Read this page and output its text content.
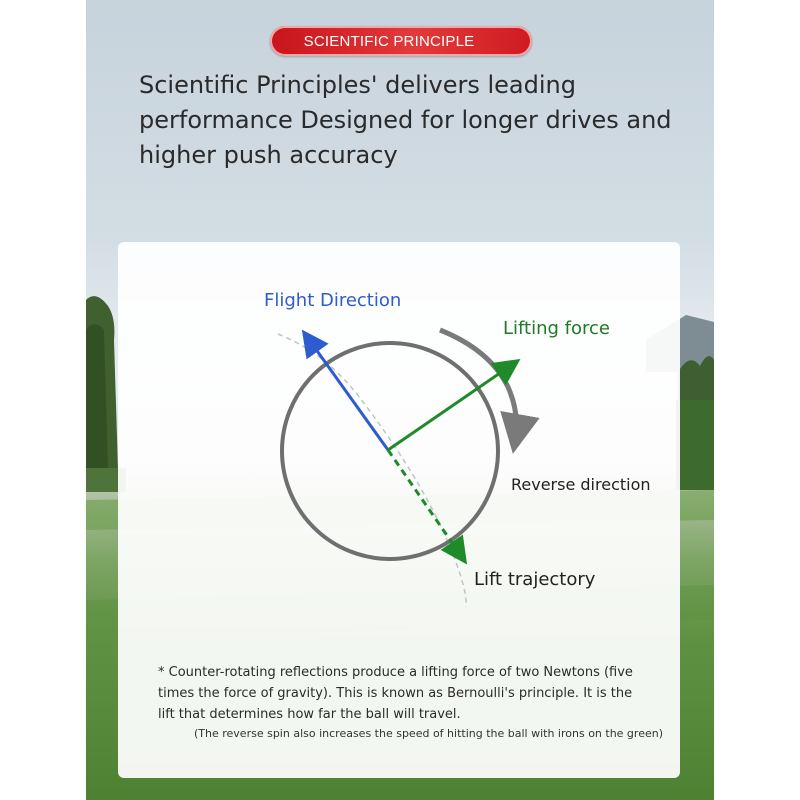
SCIENTIFIC PRINCIPLE
Scientific Principles' delivers leading
performance Designed for longer drives and
higher push accuracy
Flight Direction
Lifting force
Reverse direction
Lift trajectory

* Counter-rotating reflections produce a lifting force of two Newtons (five times the force of gravity). This is known as Bernoulli's principle. It is the lift that determines how far the ball will travel.

(The reverse spin also increases the speed of hitting the ball with irons on the green)
